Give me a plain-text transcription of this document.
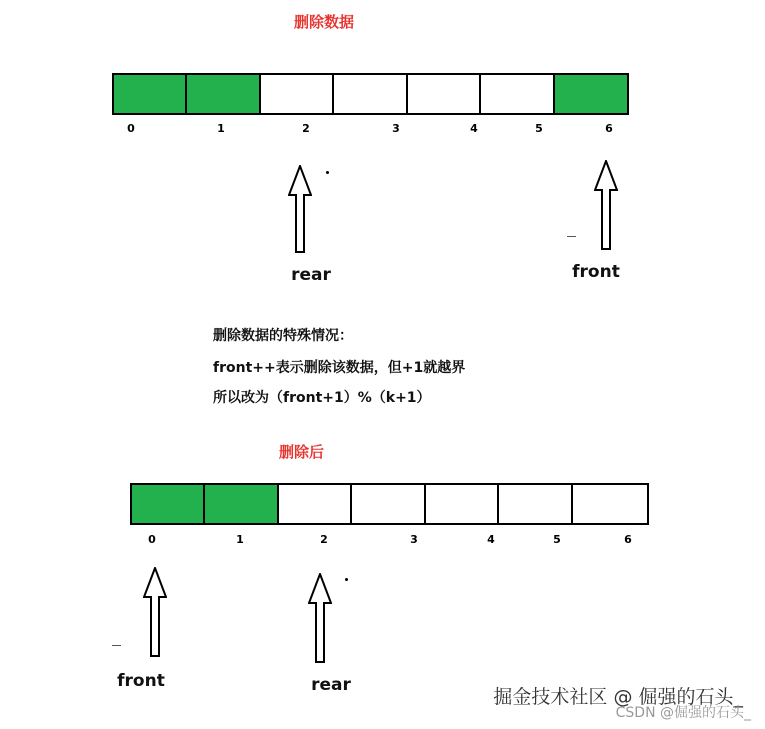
删除数据
0	1	2	3	4	5	6
rear	front
删除数据的特殊情况：
front++表示删除该数据，但+1就越界
所以改为（front+1）%（k+1）
删除后
0	1	2	3	4	5	6
front	rear
掘金技术社区 @ 倔强的石头_
CSDN @倔强的石头_
